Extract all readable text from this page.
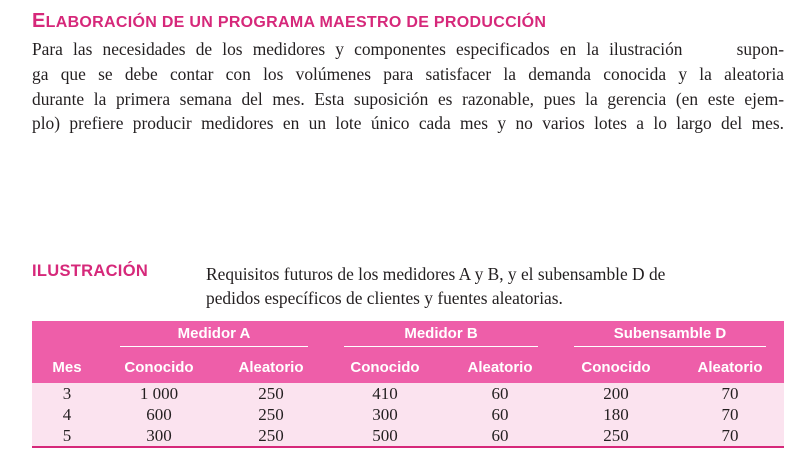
ELABORACIÓN DE UN PROGRAMA MAESTRO DE PRODUCCIÓN
Para las necesidades de los medidores y componentes especificados en la ilustración	supon-
ga que se debe contar con los volúmenes para satisfacer la demanda conocida y la aleatoria
durante la primera semana del mes. Esta suposición es razonable, pues la gerencia (en este ejem-
plo) prefiere producir medidores en un lote único cada mes y no varios lotes a lo largo del mes.
ILUSTRACIÓN	Requisitos futuros de los medidores A y B, y el subensamble D de
pedidos específicos de clientes y fuentes aleatorias.
	Medidor A		Medidor B		Subensamble D	
Mes	Conocido	Aleatorio	Conocido	Aleatorio	Conocido	Aleatorio
3	1 000	250	410	60	200	70
4	600	250	300	60	180	70
5	300	250	500	60	250	70
